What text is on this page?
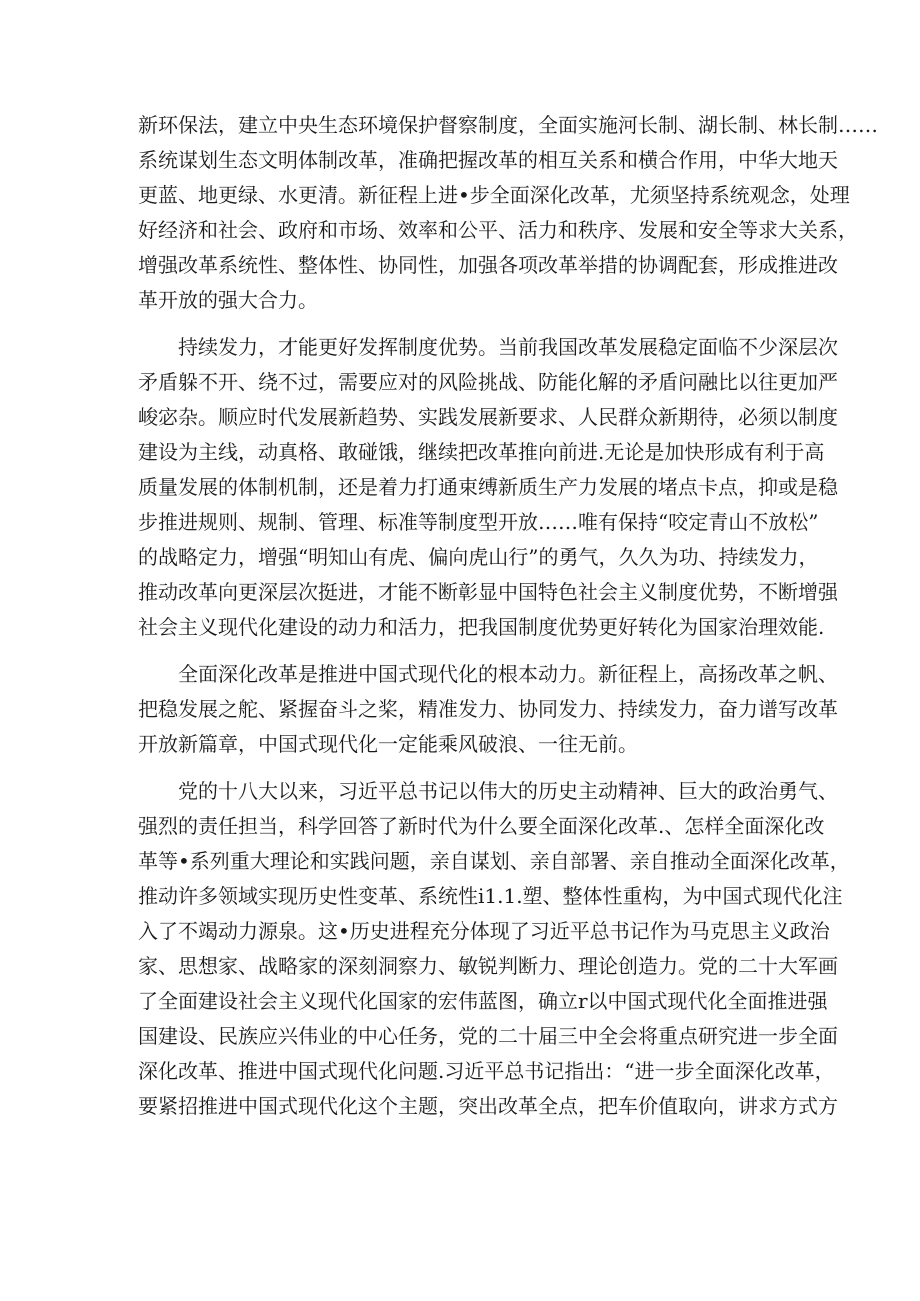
新环保法，建立中央生态环境保护督察制度，全面实施河长制、湖长制、林长制……
系统谋划生态文明体制改革，准确把握改革的相互关系和横合作用，中华大地天
更蓝、地更绿、水更清。新征程上进•步全面深化改革，尤须坚持系统观念，处理
好经济和社会、政府和市场、效率和公平、活力和秩序、发展和安全等求大关系，
增强改革系统性、整体性、协同性，加强各项改革举措的协调配套，形成推进改
革开放的强大合力。
持续发力，才能更好发挥制度优势。当前我国改革发展稳定面临不少深层次
矛盾躲不开、绕不过，需要应对的风险挑战、防能化解的矛盾问融比以往更加严
峻宓杂。顺应时代发展新趋势、实践发展新要求、人民群众新期待，必须以制度
建设为主线，动真格、敢碰饿，继续把改革推向前进.无论是加快形成有利于高
质量发展的体制机制，还是着力打通束缚新质生产力发展的堵点卡点，抑或是稳
步推进规则、规制、管理、标准等制度型开放……唯有保持“咬定青山不放松”
的战略定力，增强“明知山有虎、偏向虎山行”的勇气，久久为功、持续发力，
推动改革向更深层次挺进，才能不断彰显中国特色社会主义制度优势，不断增强
社会主义现代化建设的动力和活力，把我国制度优势更好转化为国家治理效能.
全面深化改革是推进中国式现代化的根本动力。新征程上，高扬改革之帆、
把稳发展之舵、紧握奋斗之桨，精准发力、协同发力、持续发力，奋力谱写改革
开放新篇章，中国式现代化一定能乘风破浪、一往无前。
党的十八大以来，习近平总书记以伟大的历史主动精神、巨大的政治勇气、
强烈的责任担当，科学回答了新时代为什么要全面深化改革.、怎样全面深化改
革等•系列重大理论和实践问题，亲自谋划、亲自部署、亲自推动全面深化改革，
推动许多领域实现历史性变革、系统性i1.1.塑、整体性重构，为中国式现代化注
入了不竭动力源泉。这•历史进程充分体现了习近平总书记作为马克思主义政治
家、思想家、战略家的深刻洞察力、敏锐判断力、理论创造力。党的二十大军画
了全面建设社会主义现代化国家的宏伟蓝图，确立r以中国式现代化全面推进强
国建设、民族应兴伟业的中心任务，党的二十届三中全会将重点研究进一步全面
深化改革、推进中国式现代化问题.习近平总书记指出：“进一步全面深化改革，
要紧招推进中国式现代化这个主题，突出改革全点，把车价值取向，讲求方式方
